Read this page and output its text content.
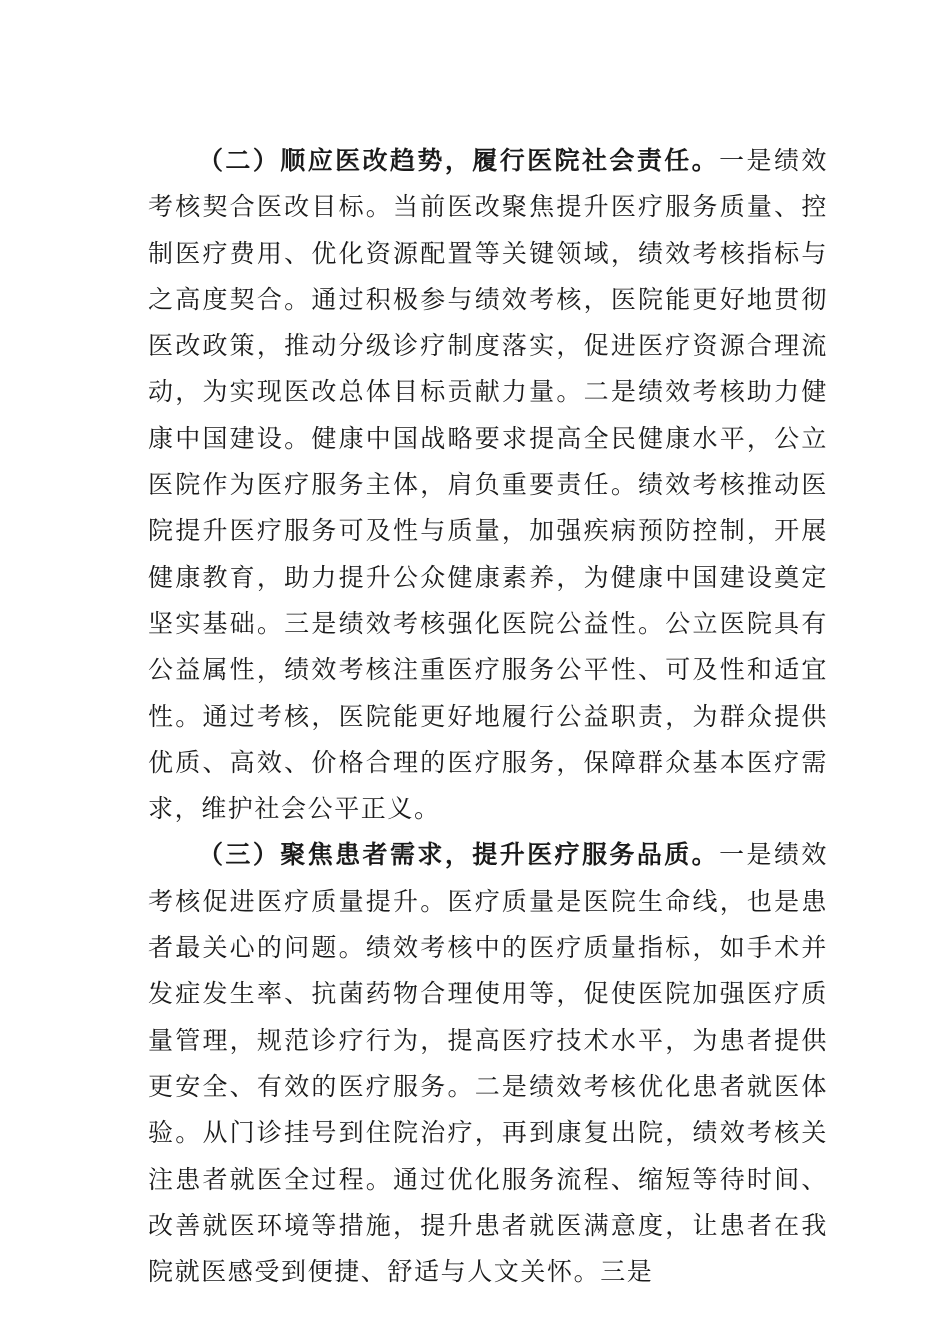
（二）顺应医改趋势，履行医院社会责任。一是绩效考核契合医改目标。当前医改聚焦提升医疗服务质量、控制医疗费用、优化资源配置等关键领域，绩效考核指标与之高度契合。通过积极参与绩效考核，医院能更好地贯彻医改政策，推动分级诊疗制度落实，促进医疗资源合理流动，为实现医改总体目标贡献力量。二是绩效考核助力健康中国建设。健康中国战略要求提高全民健康水平，公立医院作为医疗服务主体，肩负重要责任。绩效考核推动医院提升医疗服务可及性与质量，加强疾病预防控制，开展健康教育，助力提升公众健康素养，为健康中国建设奠定坚实基础。三是绩效考核强化医院公益性。公立医院具有公益属性，绩效考核注重医疗服务公平性、可及性和适宜性。通过考核，医院能更好地履行公益职责，为群众提供优质、高效、价格合理的医疗服务，保障群众基本医疗需求，维护社会公平正义。

（三）聚焦患者需求，提升医疗服务品质。一是绩效考核促进医疗质量提升。医疗质量是医院生命线，也是患者最关心的问题。绩效考核中的医疗质量指标，如手术并发症发生率、抗菌药物合理使用等，促使医院加强医疗质量管理，规范诊疗行为，提高医疗技术水平，为患者提供更安全、有效的医疗服务。二是绩效考核优化患者就医体验。从门诊挂号到住院治疗，再到康复出院，绩效考核关注患者就医全过程。通过优化服务流程、缩短等待时间、改善就医环境等措施，提升患者就医满意度，让患者在我院就医感受到便捷、舒适与人文关怀。三是
